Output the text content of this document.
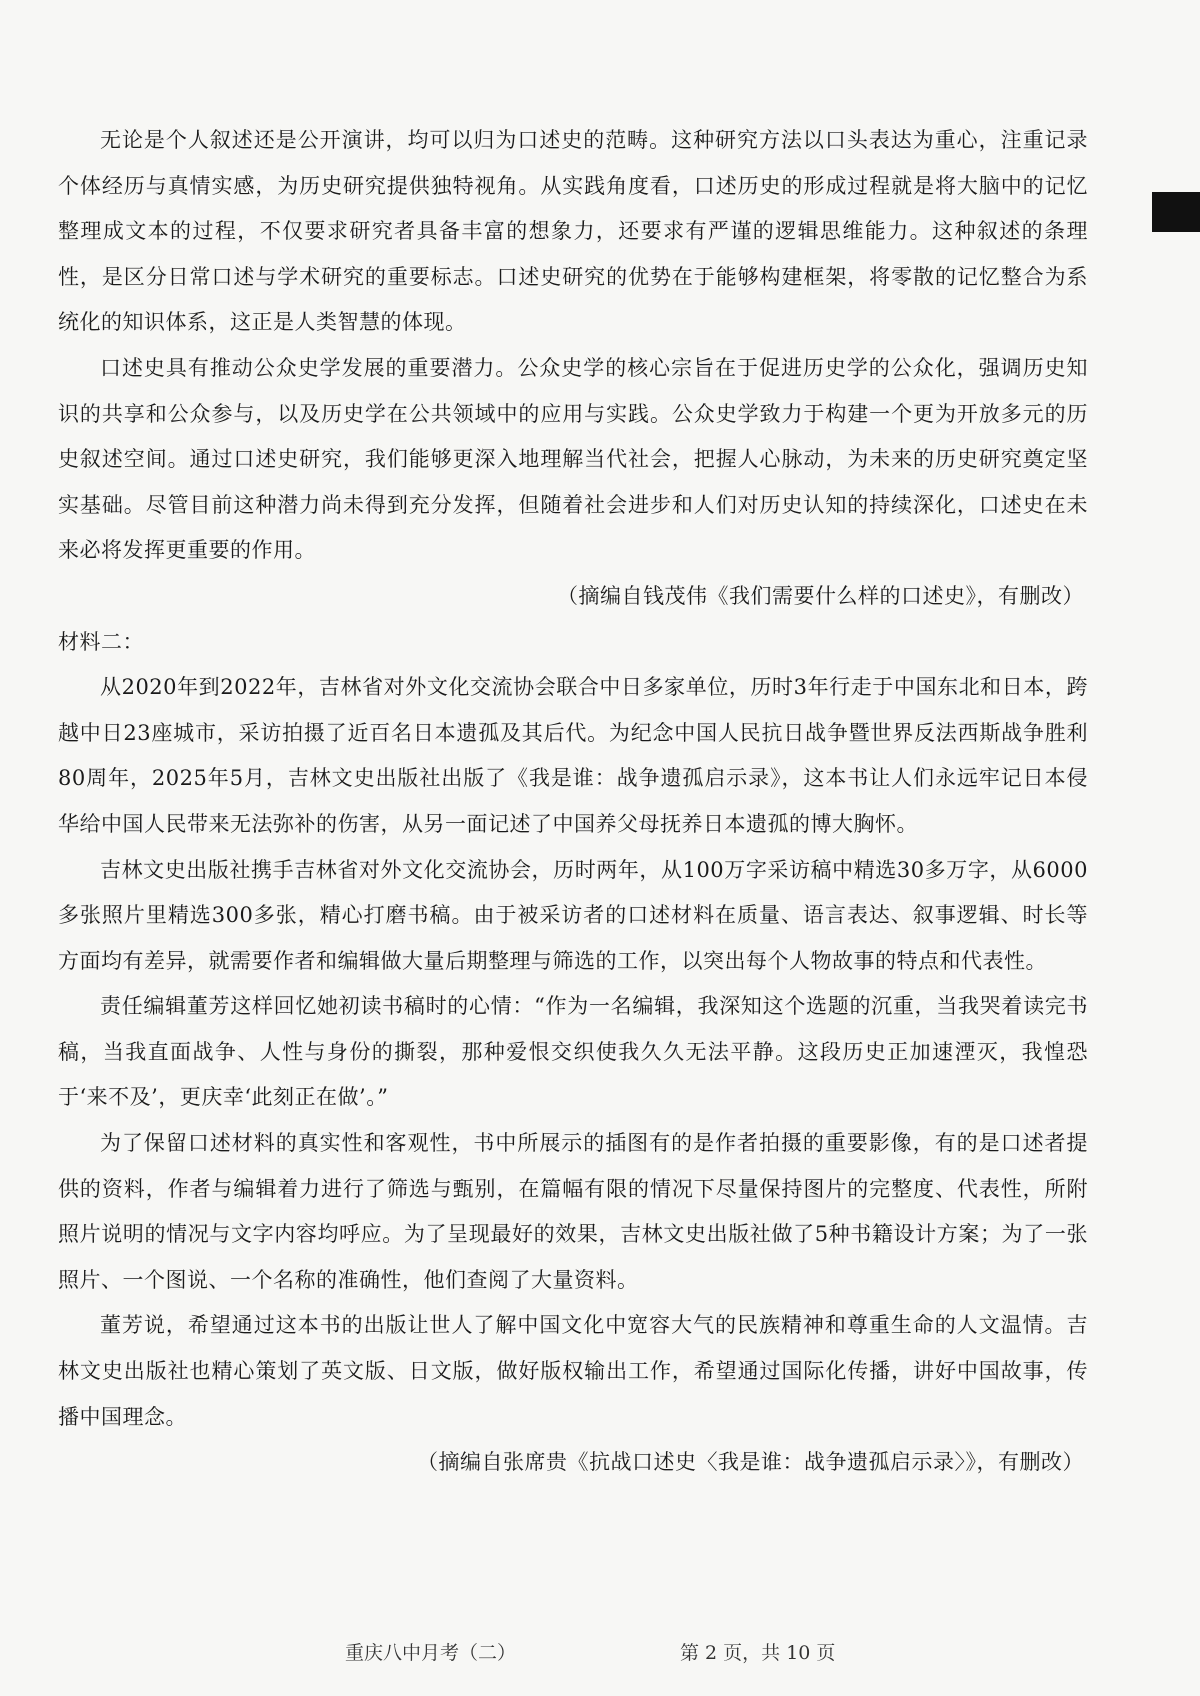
无论是个人叙述还是公开演讲，均可以归为口述史的范畴。这种研究方法以口头表达为重心，注重记录个体经历与真情实感，为历史研究提供独特视角。从实践角度看，口述历史的形成过程就是将大脑中的记忆整理成文本的过程，不仅要求研究者具备丰富的想象力，还要求有严谨的逻辑思维能力。这种叙述的条理性，是区分日常口述与学术研究的重要标志。口述史研究的优势在于能够构建框架，将零散的记忆整合为系统化的知识体系，这正是人类智慧的体现。

口述史具有推动公众史学发展的重要潜力。公众史学的核心宗旨在于促进历史学的公众化，强调历史知识的共享和公众参与，以及历史学在公共领域中的应用与实践。公众史学致力于构建一个更为开放多元的历史叙述空间。通过口述史研究，我们能够更深入地理解当代社会，把握人心脉动，为未来的历史研究奠定坚实基础。尽管目前这种潜力尚未得到充分发挥，但随着社会进步和人们对历史认知的持续深化，口述史在未来必将发挥更重要的作用。

（摘编自钱茂伟《我们需要什么样的口述史》，有删改）

材料二：

从2020年到2022年，吉林省对外文化交流协会联合中日多家单位，历时3年行走于中国东北和日本，跨越中日23座城市，采访拍摄了近百名日本遗孤及其后代。为纪念中国人民抗日战争暨世界反法西斯战争胜利80周年，2025年5月，吉林文史出版社出版了《我是谁：战争遗孤启示录》，这本书让人们永远牢记日本侵华给中国人民带来无法弥补的伤害，从另一面记述了中国养父母抚养日本遗孤的博大胸怀。

吉林文史出版社携手吉林省对外文化交流协会，历时两年，从100万字采访稿中精选30多万字，从6000多张照片里精选300多张，精心打磨书稿。由于被采访者的口述材料在质量、语言表达、叙事逻辑、时长等方面均有差异，就需要作者和编辑做大量后期整理与筛选的工作，以突出每个人物故事的特点和代表性。

责任编辑董芳这样回忆她初读书稿时的心情：“作为一名编辑，我深知这个选题的沉重，当我哭着读完书稿，当我直面战争、人性与身份的撕裂，那种爱恨交织使我久久无法平静。这段历史正加速湮灭，我惶恐于‘来不及’，更庆幸‘此刻正在做’。”

为了保留口述材料的真实性和客观性，书中所展示的插图有的是作者拍摄的重要影像，有的是口述者提供的资料，作者与编辑着力进行了筛选与甄别，在篇幅有限的情况下尽量保持图片的完整度、代表性，所附照片说明的情况与文字内容均呼应。为了呈现最好的效果，吉林文史出版社做了5种书籍设计方案；为了一张照片、一个图说、一个名称的准确性，他们查阅了大量资料。

董芳说，希望通过这本书的出版让世人了解中国文化中宽容大气的民族精神和尊重生命的人文温情。吉林文史出版社也精心策划了英文版、日文版，做好版权输出工作，希望通过国际化传播，讲好中国故事，传播中国理念。

（摘编自张席贵《抗战口述史〈我是谁：战争遗孤启示录〉》，有删改）

重庆八中月考（二）	第 2 页，共 10 页
